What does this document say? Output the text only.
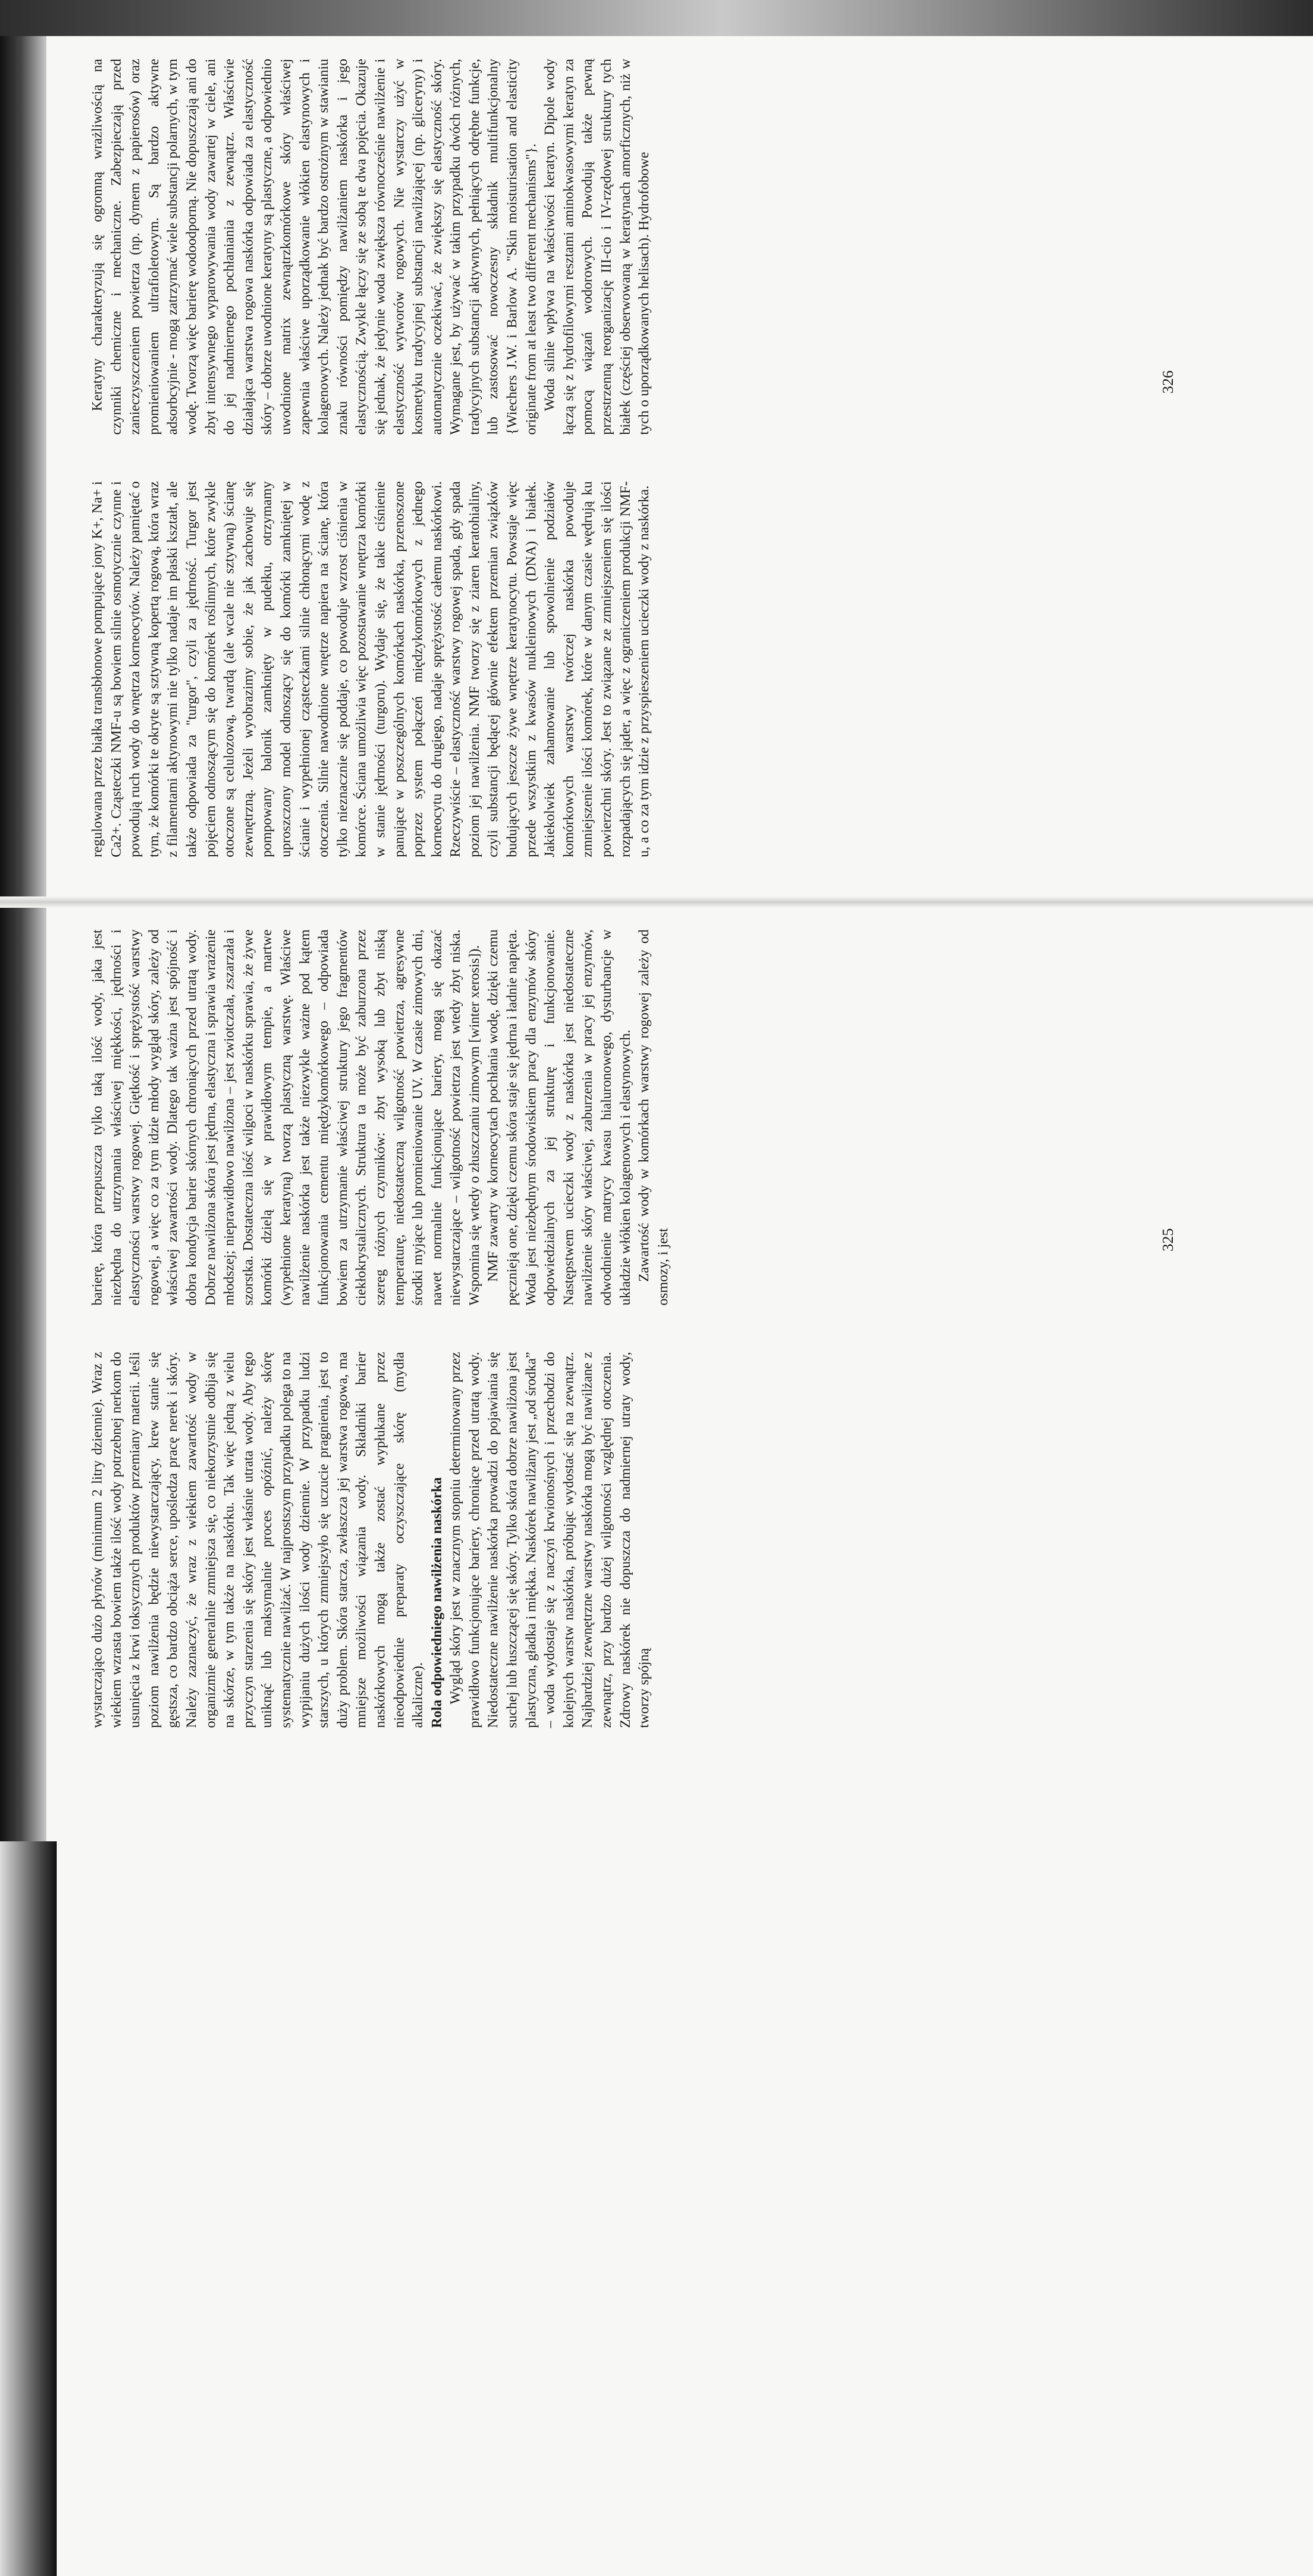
wystarczająco dużo płynów (minimum 2 litry dziennie). Wraz z wiekiem wzrasta bowiem także ilość wody potrzebnej nerkom do usunięcia z krwi toksycznych produktów przemiany materii. Jeśli poziom nawilżenia będzie niewystarczający, krew stanie się gęstsza, co bardzo obciąża serce, upośledza pracę nerek i skóry. Należy zaznaczyć, że wraz z wiekiem zawartość wody w organizmie generalnie zmniejsza się, co niekorzystnie odbija się na skórze, w tym także na naskórku. Tak więc jedną z wielu przyczyn starzenia się skóry jest właśnie utrata wody. Aby tego uniknąć lub maksymalnie proces opóźnić, należy skórę systematycznie nawilżać. W najprostszym przypadku polega to na wypijaniu dużych ilości wody dziennie. W przypadku ludzi starszych, u których zmniejszyło się uczucie pragnienia, jest to duży problem. Skóra starcza, zwłaszcza jej warstwa rogowa, ma mniejsze możliwości wiązania wody. Składniki barier naskórkowych mogą także zostać wypłukane przez nieodpowiednie preparaty oczyszczające skórę (mydła alkaliczne). Rola odpowiedniego nawilżenia naskórka Wygląd skóry jest w znacznym stopniu determinowany przez prawidłowo funkcjonujące bariery, chroniące przed utratą wody. Niedostateczne nawilżenie naskórka prowadzi do pojawiania się suchej lub łuszczącej się skóry. Tylko skóra dobrze nawilżona jest plastyczna, gładka i miękka. Naskórek nawilżany jest „od środka” – woda wydostaje się z naczyń krwionośnych i przechodzi do kolejnych warstw naskórka, próbując wydostać się na zewnątrz. Najbardziej zewnętrzne warstwy naskórka mogą być nawilżane z zewnątrz, przy bardzo dużej wilgotności względnej otoczenia. Zdrowy naskórek nie dopuszcza do nadmiernej utraty wody, tworzy spójną

barierę, która przepuszcza tylko taką ilość wody, jaka jest niezbędna do utrzymania właściwej miękkości, jędrności i elastyczności warstwy rogowej. Giętkość i sprężystość warstwy rogowej, a więc co za tym idzie młody wygląd skóry, zależy od właściwej zawartości wody. Dlatego tak ważna jest spójność i dobra kondycja barier skórnych chroniących przed utratą wody. Dobrze nawilżona skóra jest jędrna, elastyczna i sprawia wrażenie młodszej; nieprawidłowo nawilżona – jest zwiotczała, zszarzała i szorstka. Dostateczna ilość wilgoci w naskórku sprawia, że żywe komórki dzielą się w prawidłowym tempie, a martwe (wypełnione keratyną) tworzą plastyczną warstwę. Właściwe nawilżenie naskórka jest także niezwykle ważne pod kątem funkcjonowania cementu międzykomórkowego – odpowiada bowiem za utrzymanie właściwej struktury jego fragmentów ciekłokrystalicznych. Struktura ta może być zaburzona przez szereg różnych czynników: zbyt wysoką lub zbyt niską temperaturę, niedostateczną wilgotność powietrza, agresywne środki myjące lub promieniowanie UV. W czasie zimowych dni, nawet normalnie funkcjonujące bariery, mogą się okazać niewystarczające – wilgotność powietrza jest wtedy zbyt niska. Wspomina się wtedy o złuszczaniu zimowym [winter xerosis]). NMF zawarty w korneocytach pochłania wodę, dzięki czemu pęcznieją one, dzięki czemu skóra staje się jędrna i ładnie napięta. Woda jest niezbędnym środowiskiem pracy dla enzymów skóry odpowiedzialnych za jej strukturę i funkcjonowanie. Następstwem ucieczki wody z naskórka jest niedostateczne nawilżenie skóry właściwej, zaburzenia w pracy jej enzymów, odwodnienie matrycy kwasu hialuronowego, dysturbancje w układzie włókien kolagenowych i elastynowych. Zawartość wody w komórkach warstwy rogowej zależy od osmozy, i jest	325

regulowana przez białka transbłonowe pompujące jony K+, Na+ i Ca2+. Cząsteczki NMF-u są bowiem silnie osmotycznie czynne i powodują ruch wody do wnętrza korneocytów. Należy pamiętać o tym, że komórki te okryte są sztywną kopertą rogową, która wraz z filamentami aktynowymi nie tylko nadaje im płaski kształt, ale także odpowiada za "turgor", czyli za jędrność. Turgor jest pojęciem odnoszącym się do komórek roślinnych, które zwykle otoczone są celulozową, twardą (ale wcale nie sztywną) ścianę zewnętrzną. Jeżeli wyobrazimy sobie, że jak zachowuje się pompowany balonik zamknięty w pudełku, otrzymamy uproszczony model odnoszący się do komórki zamkniętej w ścianie i wypełnionej cząsteczkami silnie chłonącymi wodę z otoczenia. Silnie nawodnione wnętrze napiera na ścianę, która tylko nieznacznie się poddaje, co powoduje wzrost ciśnienia w komórce. Ściana umożliwia więc pozostawanie wnętrza komórki w stanie jędrności (turgoru). Wydaje się, że takie ciśnienie panujące w poszczególnych komórkach naskórka, przenoszone poprzez system połączeń międzykomórkowych z jednego korneocytu do drugiego, nadaje sprężystość całemu naskórkowi. Rzeczywiście – elastyczność warstwy rogowej spada, gdy spada poziom jej nawilżenia. NMF tworzy się z ziaren keratohialiny, czyli substancji będącej głównie efektem przemian związków budujących jeszcze żywe wnętrze keratynocytu. Powstaje więc przede wszystkim z kwasów nukleinowych (DNA) i białek. Jakiekolwiek zahamowanie lub spowolnienie podziałów komórkowych warstwy twórczej naskórka powoduje zmniejszenie ilości komórek, które w danym czasie wędrują ku powierzchni skóry. Jest to związane ze zmniejszeniem się ilości rozpadających się jąder, a więc z ograniczeniem produkcji NMF-u, a co za tym idzie z przyspieszeniem ucieczki wody z naskórka.

Keratyny charakteryzują się ogromną wrażliwością na czynniki chemiczne i mechaniczne. Zabezpieczają przed zanieczyszczeniem powietrza (np. dymem z papierosów) oraz promieniowaniem ultrafioletowym. Są bardzo aktywne adsorbcyjnie - mogą zatrzymać wiele substancji polarnych, w tym wodę. Tworzą więc barierę wodoodporną. Nie dopuszczają ani do zbyt intensywnego wyparowywania wody zawartej w ciele, ani do jej nadmiernego pochłaniania z zewnątrz. Właściwie działająca warstwa rogowa naskórka odpowiada za elastyczność skóry – dobrze uwodnione keratyny są plastyczne, a odpowiednio uwodnione matrix zewnątrzkomórkowe skóry właściwej zapewnia właściwe uporządkowanie włókien elastynowych i kolagenowych. Należy jednak być bardzo ostrożnym w stawianiu znaku równości pomiędzy nawilżaniem naskórka i jego elastycznością. Zwykle łączy się ze sobą te dwa pojęcia. Okazuje się jednak, że jedynie woda zwiększa równocześnie nawilżenie i elastyczność wytworów rogowych. Nie wystarczy użyć w kosmetyku tradycyjnej substancji nawilżającej (np. gliceryny) i automatycznie oczekiwać, że zwiększy się elastyczność skóry. Wymagane jest, by używać w takim przypadku dwóch różnych, tradycyjnych substancji aktywnych, pełniących odrębne funkcje, lub zastosować nowoczesny składnik multifunkcjonalny {Wiechers J.W. i Barlow A. "Skin moisturisation and elasticity originate from at least two different mechanisms"}. Woda silnie wpływa na właściwości keratyn. Dipole wody łączą się z hydrofilowymi resztami aminokwasowymi keratyn za pomocą wiązań wodorowych. Powodują także pewną przestrzenną reorganizację III-cio i IV-rzędowej struktury tych białek (częściej obserwowaną w keratynach amorficznych, niż w tych o uporządkowanych helisach). Hydrofobowe	326
